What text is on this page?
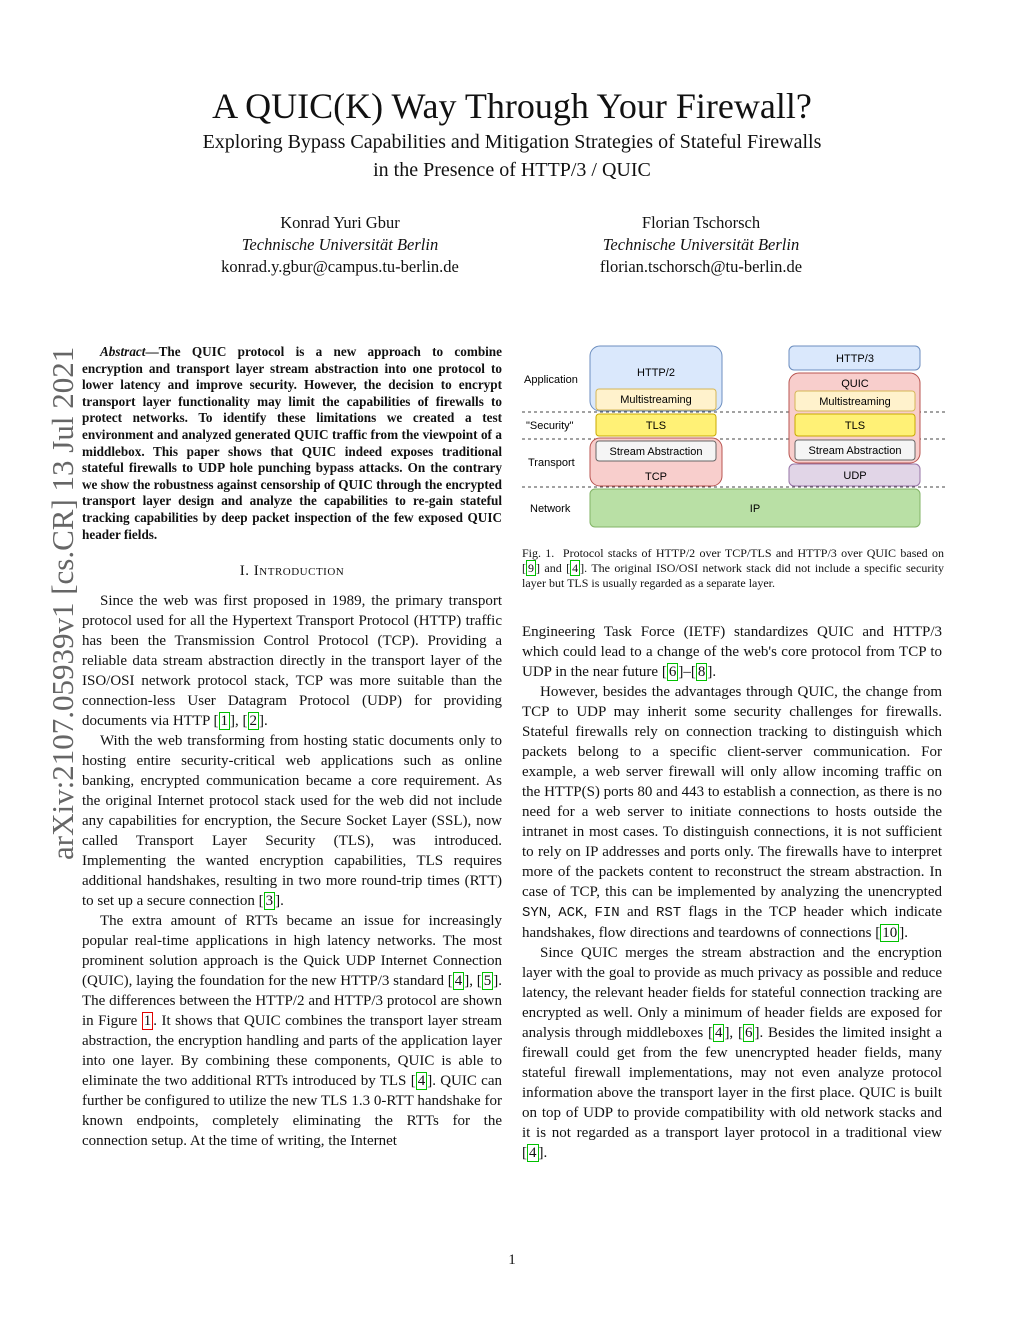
arXiv:2107.05939v1 [cs.CR] 13 Jul 2021
A QUIC(K) Way Through Your Firewall?
Exploring Bypass Capabilities and Mitigation Strategies of Stateful Firewalls
in the Presence of HTTP/3 / QUIC
Konrad Yuri Gbur
Technische Universität Berlin
konrad.y.gbur@campus.tu-berlin.de
Florian Tschorsch
Technische Universität Berlin
florian.tschorsch@tu-berlin.de

Abstract—The QUIC protocol is a new approach to combine encryption and transport layer stream abstraction into one protocol to lower latency and improve security. However, the decision to encrypt transport layer functionality may limit the capabilities of firewalls to protect networks. To identify these limitations we created a test environment and analyzed generated QUIC traffic from the viewpoint of a middlebox. This paper shows that QUIC indeed exposes traditional stateful firewalls to UDP hole punching bypass attacks. On the contrary we show the robustness against censorship of QUIC through the encrypted transport layer design and analyze the capabilities to re-gain stateful tracking capabilities by deep packet inspection of the few exposed QUIC header fields.

I. Introduction

Since the web was first proposed in 1989, the primary transport protocol used for all the Hypertext Transport Protocol (HTTP) traffic has been the Transmission Control Protocol (TCP). Providing a reliable data stream abstraction directly in the transport layer of the ISO/OSI network protocol stack, TCP was more suitable than the connection-less User Datagram Protocol (UDP) for providing documents via HTTP [ 1 ], [ 2 ].

With the web transforming from hosting static documents only to hosting entire security-critical web applications such as online banking, encrypted communication became a core requirement. As the original Internet protocol stack used for the web did not include any capabilities for encryption, the Secure Socket Layer (SSL), now called Transport Layer Security (TLS), was introduced. Implementing the wanted encryption capabilities, TLS requires additional handshakes, resulting in two more round-trip times (RTT) to set up a secure connection [ 3 ].

The extra amount of RTTs became an issue for increasingly popular real-time applications in high latency networks. The most prominent solution approach is the Quick UDP Internet Connection (QUIC), laying the foundation for the new HTTP/3 standard [ 4 ], [ 5 ]. The differences between the HTTP/2 and HTTP/3 protocol are shown in Figure 1 . It shows that QUIC combines the transport layer stream abstraction, the encryption handling and parts of the application layer into one layer. By combining these components, QUIC is able to eliminate the two additional RTTs introduced by TLS [ 4 ]. QUIC can further be configured to utilize the new TLS 1.3 0-RTT handshake for known endpoints, completely eliminating the RTTs for the connection setup. At the time of writing, the Internet

Application
"Security"
Transport
Network
HTTP/2
Multistreaming
TLS
Stream Abstraction
TCP
HTTP/3
QUIC
Multistreaming
TLS
Stream Abstraction
UDP
IP
Fig. 1. Protocol stacks of HTTP/2 over TCP/TLS and HTTP/3 over QUIC based on [ 9 ] and [ 4 ]. The original ISO/OSI network stack did not include a specific security layer but TLS is usually regarded as a separate layer.

Engineering Task Force (IETF) standardizes QUIC and HTTP/3 which could lead to a change of the web's core protocol from TCP to UDP in the near future [ 6 ]–[ 8 ].

However, besides the advantages through QUIC, the change from TCP to UDP may inherit some security challenges for firewalls. Stateful firewalls rely on connection tracking to distinguish which packets belong to a specific client-server communication. For example, a web server firewall will only allow incoming traffic on the HTTP(S) ports 80 and 443 to establish a connection, as there is no need for a web server to initiate connections to hosts outside the intranet in most cases. To distinguish connections, it is not sufficient to rely on IP addresses and ports only. The firewalls have to interpret more of the packets content to reconstruct the stream abstraction. In case of TCP, this can be implemented by analyzing the unencrypted SYN, ACK, FIN and RST flags in the TCP header which indicate handshakes, flow directions and teardowns of connections [ 10 ].

Since QUIC merges the stream abstraction and the encryption layer with the goal to provide as much privacy as possible and reduce latency, the relevant header fields for stateful connection tracking are encrypted as well. Only a minimum of header fields are exposed for analysis through middleboxes [ 4 ], [ 6 ]. Besides the limited insight a firewall could get from the few unencrypted header fields, many stateful firewall implementations, may not even analyze protocol information above the transport layer in the first place. QUIC is built on top of UDP to provide compatibility with old network stacks and it is not regarded as a transport layer protocol in a traditional view [ 4 ].

1
